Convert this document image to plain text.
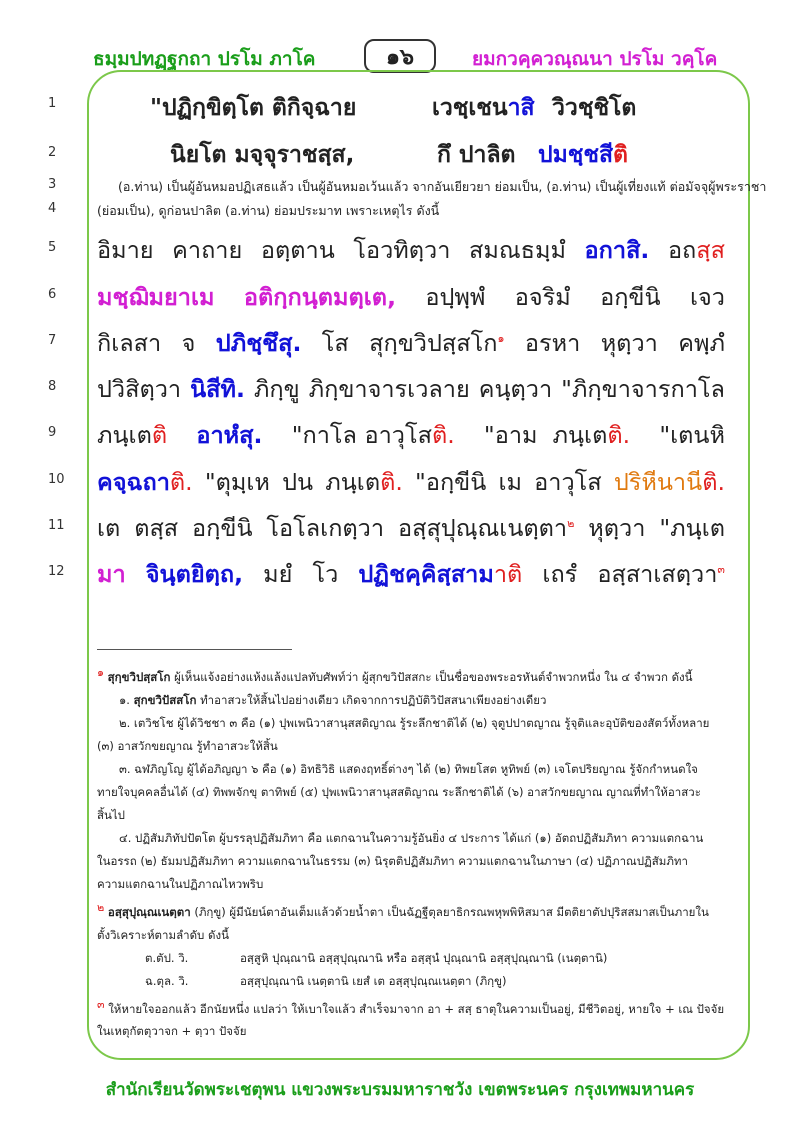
ธมฺมปทฏฺฐกถา ปรโม ภาโค	๑๖	ยมกวคฺควณฺณนา ปรโม วคฺโค
1
2
3
4
5
6
7
8
9
10
11
12
"ปฏิกฺขิตฺโต ติกิจฺฉาย	เวชฺเชนาสิ วิวชฺชิโต
นิยโต มจฺจุราชสฺส,	กึ ปาลิต ปมชฺชสีติ
(อ.ท่าน) เป็นผู้อันหมอปฏิเสธแล้ว เป็นผู้อันหมอเว้นแล้ว จากอันเยียวยา ย่อมเป็น, (อ.ท่าน) เป็นผู้เที่ยงแท้ ต่อมัจจุผู้พระราชา
(ย่อมเป็น), ดูก่อนปาลิต (อ.ท่าน) ย่อมประมาท เพราะเหตุไร ดังนี้
อิมาย คาถาย อตฺตาน โอวทิตฺวา สมณธมฺมํ อกาสิ. อถสฺส
มชฺฌิมยาเม อติกฺกนฺตมตฺเต, อปฺพฺพํ อจริมํ อกฺขีนิ เจว
กิเลสา จ ปภิชฺชึสุ. โส สุกฺขวิปสฺสโก$^๑$ อรหา หุตฺวา คพฺภํ
ปวิสิตฺวา นิสีทิ. ภิกฺขู ภิกฺขาจารเวลาย คนฺตฺวา "ภิกฺขาจารกาโล
ภนฺเตติ อาหํสุ. "กาโล อาวุโสติ. "อาม ภนฺเตติ. "เตนหิ
คจฺฉถาติ. "ตุมฺเห ปน ภนฺเตติ. "อกฺขีนิ เม อาวุโส ปริหีนานีติ.
เต ตสฺส อกฺขีนิ โอโลเกตฺวา อสฺสุปุณฺณเนตฺตา$^๒$ หุตฺวา "ภนฺเต
มา จินฺตยิตฺถ, มยํ โว ปฏิชคฺคิสฺสามาติ เถรํ อสฺสาเสตฺวา$^๓$
๑ สุกฺขวิปสฺสโก ผู้เห็นแจ้งอย่างแห้งแล้งแปลทับศัพท์ว่า ผู้สุกขวิปัสสกะ เป็นชื่อของพระอรหันต์จำพวกหนึ่ง ใน ๔ จำพวก ดังนี้
๑. สุกขวิปัสสโก ทำอาสวะให้สิ้นไปอย่างเดียว เกิดจากการปฏิบัติวิปัสสนาเพียงอย่างเดียว
๒. เตวิชโช ผู้ได้วิชชา ๓ คือ (๑) ปุพเพนิวาสานุสสติญาณ รู้ระลึกชาติได้ (๒) จุตูปปาตญาณ รู้จุติและอุบัติของสัตว์ทั้งหลาย
(๓) อาสวักขยญาณ รู้ทำอาสวะให้สิ้น
๓. ฉฬภิญโญ ผู้ได้อภิญญา ๖ คือ (๑) อิทธิวิธิ แสดงฤทธิ์ต่างๆ ได้ (๒) ทิพยโสต หูทิพย์ (๓) เจโตปริยญาณ รู้จักกำหนดใจ
ทายใจบุคคลอื่นได้ (๔) ทิพพจักขุ ตาทิพย์ (๕) ปุพเพนิวาสานุสสติญาณ ระลึกชาติได้ (๖) อาสวักขยญาณ ญาณที่ทำให้อาสวะ
สิ้นไป
๔. ปฏิสัมภิทัปปัตโต ผู้บรรลุปฏิสัมภิทา คือ แตกฉานในความรู้อันยิ่ง ๔ ประการ ได้แก่ (๑) อัตถปฏิสัมภิทา ความแตกฉาน
ในอรรถ (๒) ธัมมปฏิสัมภิทา ความแตกฉานในธรรม (๓) นิรุตติปฏิสัมภิทา ความแตกฉานในภาษา (๔) ปฏิภาณปฏิสัมภิทา
ความแตกฉานในปฏิภาณไหวพริบ
๒ อสฺสุปุณฺณเนตฺตา (ภิกฺขู) ผู้มีนัยน์ตาอันเต็มแล้วด้วยน้ำตา เป็นฉัฏฐีตุลยาธิกรณพหุพพิหิสมาส มีตติยาตัปปุริสสมาสเป็นภายใน
ตั้งวิเคราะห์ตามลำดับ ดังนี้
ต.ตัป. วิ.	อสฺสูหิ ปุณฺณานิ อสฺสุปุณฺณานิ หรือ อสฺสุนํ ปุณฺณานิ อสฺสุปุณฺณานิ (เนตฺตานิ)
ฉ.ตุล. วิ.	อสฺสุปุณฺณานิ เนตฺตานิ เยสํ เต อสฺสุปุณฺณเนตฺตา (ภิกฺขู)
๓ ให้หายใจออกแล้ว อีกนัยหนึ่ง แปลว่า ให้เบาใจแล้ว สำเร็จมาจาก อา + สสฺ ธาตุในความเป็นอยู่, มีชีวิตอยู่, หายใจ + เณ ปัจจัย
ในเหตุกัตตุวาจก + ตฺวา ปัจจัย
สำนักเรียนวัดพระเชตุพน แขวงพระบรมมหาราชวัง เขตพระนคร กรุงเทพมหานคร
